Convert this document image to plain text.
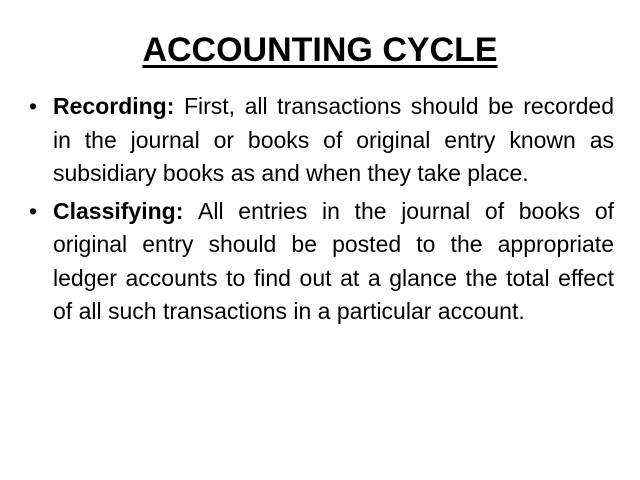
ACCOUNTING CYCLE
• Recording: First, all transactions should be recorded in the journal or books of original entry known as subsidiary books as and when they take place.
• Classifying: All entries in the journal of books of original entry should be posted to the appropriate ledger accounts to find out at a glance the total effect of all such transactions in a particular account.
